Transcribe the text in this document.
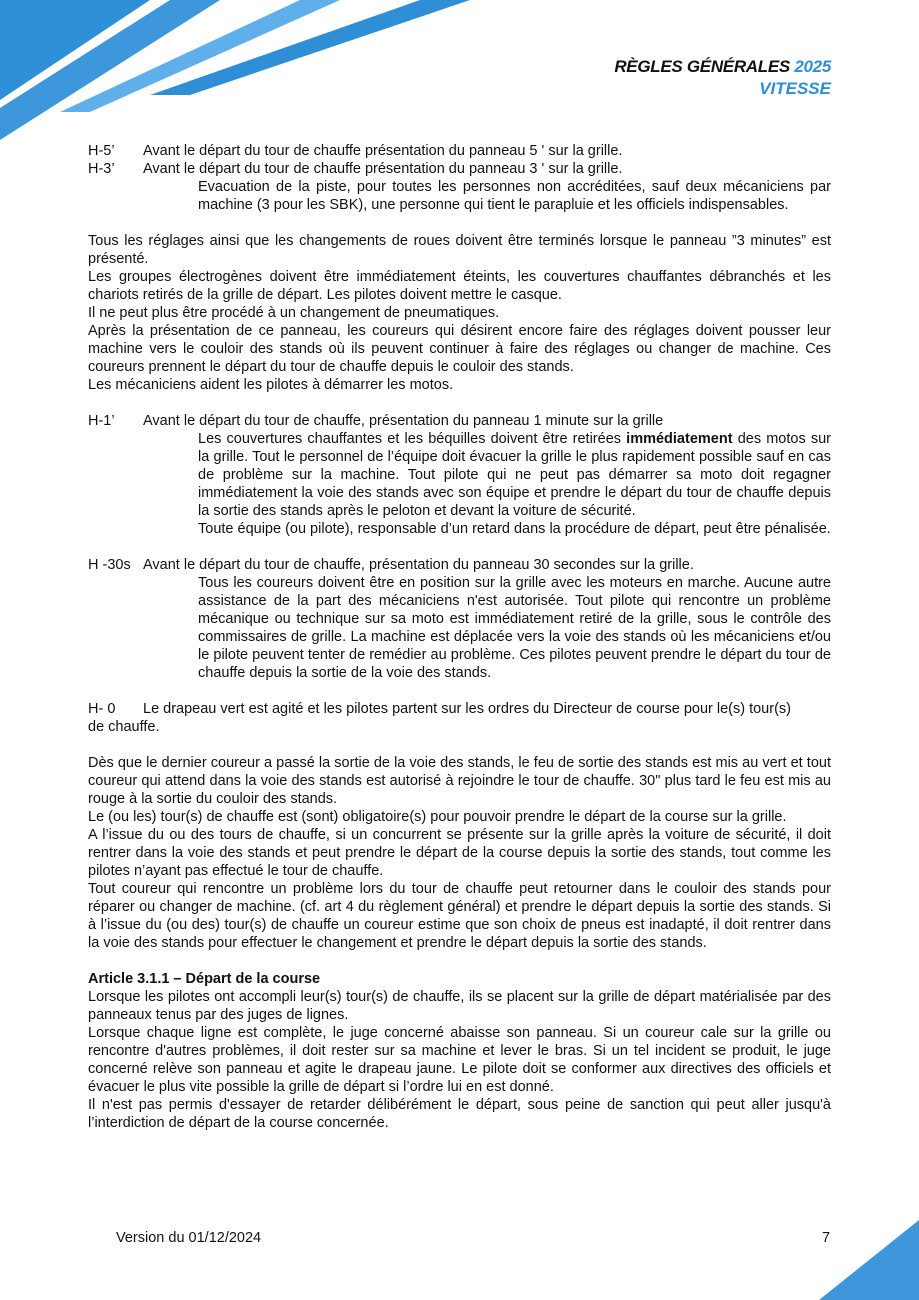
RÈGLES GÉNÉRALES 2025
VITESSE
H-5’	Avant le départ du tour de chauffe présentation du panneau 5 ' sur la grille.
H-3’	Avant le départ du tour de chauffe présentation du panneau 3 ' sur la grille.
Evacuation de la piste, pour toutes les personnes non accréditées, sauf deux mécaniciens par machine (3 pour les SBK), une personne qui tient le parapluie et les officiels indispensables.

Tous les réglages ainsi que les changements de roues doivent être terminés lorsque le panneau ”3 minutes” est présenté.

Les groupes électrogènes doivent être immédiatement éteints, les couvertures chauffantes débranchés et les chariots retirés de la grille de départ. Les pilotes doivent mettre le casque.

Il ne peut plus être procédé à un changement de pneumatiques.

Après la présentation de ce panneau, les coureurs qui désirent encore faire des réglages doivent pousser leur machine vers le couloir des stands où ils peuvent continuer à faire des réglages ou changer de machine. Ces coureurs prennent le départ du tour de chauffe depuis le couloir des stands.

Les mécaniciens aident les pilotes à démarrer les motos.

H-1’	Avant le départ du tour de chauffe, présentation du panneau 1 minute sur la grille
Les couvertures chauffantes et les béquilles doivent être retirées immédiatement des motos sur la grille. Tout le personnel de l’équipe doit évacuer la grille le plus rapidement possible sauf en cas de problème sur la machine. Tout pilote qui ne peut pas démarrer sa moto doit regagner immédiatement la voie des stands avec son équipe et prendre le départ du tour de chauffe depuis la sortie des stands après le peloton et devant la voiture de sécurité.
Toute équipe (ou pilote), responsable d’un retard dans la procédure de départ, peut être pénalisée.
H -30s Avant le départ du tour de chauffe, présentation du panneau 30 secondes sur la grille.
Tous les coureurs doivent être en position sur la grille avec les moteurs en marche. Aucune autre assistance de la part des mécaniciens n'est autorisée. Tout pilote qui rencontre un problème mécanique ou technique sur sa moto est immédiatement retiré de la grille, sous le contrôle des commissaires de grille. La machine est déplacée vers la voie des stands où les mécaniciens et/ou le pilote peuvent tenter de remédier au problème. Ces pilotes peuvent prendre le départ du tour de chauffe depuis la sortie de la voie des stands.
H- 0	Le drapeau vert est agité et les pilotes partent sur les ordres du Directeur de course pour le(s) tour(s)
de chauffe.

Dès que le dernier coureur a passé la sortie de la voie des stands, le feu de sortie des stands est mis au vert et tout coureur qui attend dans la voie des stands est autorisé à rejoindre le tour de chauffe. 30" plus tard le feu est mis au rouge à la sortie du couloir des stands.

Le (ou les) tour(s) de chauffe est (sont) obligatoire(s) pour pouvoir prendre le départ de la course sur la grille.

A l’issue du ou des tours de chauffe, si un concurrent se présente sur la grille après la voiture de sécurité, il doit rentrer dans la voie des stands et peut prendre le départ de la course depuis la sortie des stands, tout comme les pilotes n’ayant pas effectué le tour de chauffe.

Tout coureur qui rencontre un problème lors du tour de chauffe peut retourner dans le couloir des stands pour réparer ou changer de machine. (cf. art 4 du règlement général) et prendre le départ depuis la sortie des stands. Si à l’issue du (ou des) tour(s) de chauffe un coureur estime que son choix de pneus est inadapté, il doit rentrer dans la voie des stands pour effectuer le changement et prendre le départ depuis la sortie des stands.

Article 3.1.1 – Départ de la course

Lorsque les pilotes ont accompli leur(s) tour(s) de chauffe, ils se placent sur la grille de départ matérialisée par des panneaux tenus par des juges de lignes.

Lorsque chaque ligne est complète, le juge concerné abaisse son panneau. Si un coureur cale sur la grille ou rencontre d'autres problèmes, il doit rester sur sa machine et lever le bras. Si un tel incident se produit, le juge concerné relève son panneau et agite le drapeau jaune. Le pilote doit se conformer aux directives des officiels et évacuer le plus vite possible la grille de départ si l’ordre lui en est donné.

Il n'est pas permis d'essayer de retarder délibérément le départ, sous peine de sanction qui peut aller jusqu'à l’interdiction de départ de la course concernée.

Version du 01/12/2024	7
